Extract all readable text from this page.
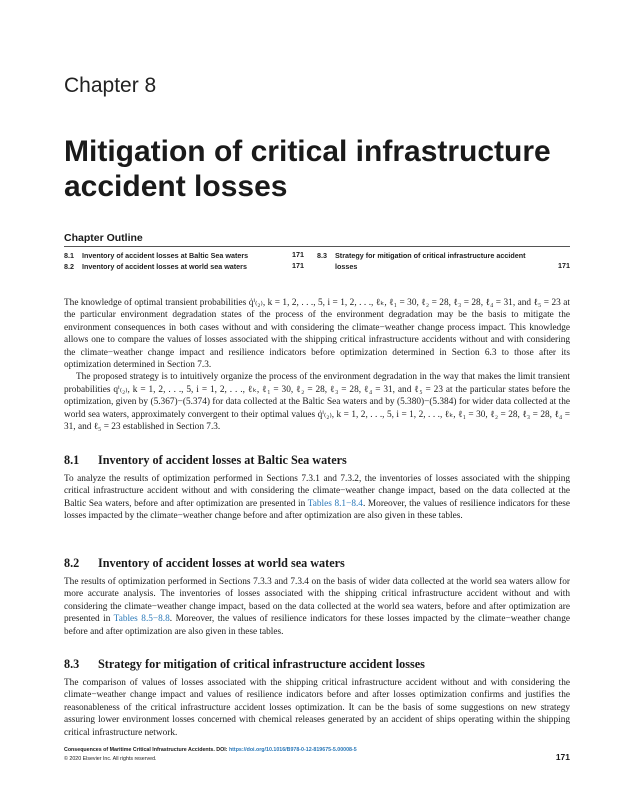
Chapter 8
Mitigation of critical infrastructure accident losses
Chapter Outline
8.1 Inventory of accident losses at Baltic Sea waters	171
8.2 Inventory of accident losses at world sea waters	171
8.3 Strategy for mitigation of critical infrastructure accident
losses	171

The knowledge of optimal transient probabilities q̇ⁱ₍₂₎, k = 1, 2, . . ., 5, i = 1, 2, . . ., ℓₖ, ℓ₁ = 30, ℓ₂ = 28, ℓ₃ = 28, ℓ₄ = 31, and ℓ₅ = 23 at the particular environment degradation states of the process of the environment degradation may be the basis to mitigate the environment consequences in both cases without and with considering the climate−weather change process impact. This knowledge allows one to compare the values of losses associated with the shipping critical infrastructure accidents without and with considering the climate−weather change impact and resilience indicators before optimization determined in Section 6.3 to those after its optimization determined in Section 7.3.

The proposed strategy is to intuitively organize the process of the environment degradation in the way that makes the limit transient probabilities qⁱ₍₂₎, k = 1, 2, . . ., 5, i = 1, 2, . . ., ℓₖ, ℓ₁ = 30, ℓ₂ = 28, ℓ₃ = 28, ℓ₄ = 31, and ℓ₅ = 23 at the particular states before the optimization, given by (5.367)−(5.374) for data collected at the Baltic Sea waters and by (5.380)−(5.384) for wider data collected at the world sea waters, approximately convergent to their optimal values q̇ⁱ₍₂₎, k = 1, 2, . . ., 5, i = 1, 2, . . ., ℓₖ, ℓ₁ = 30, ℓ₂ = 28, ℓ₃ = 28, ℓ₄ = 31, and ℓ₅ = 23 established in Section 7.3.

8.1 Inventory of accident losses at Baltic Sea waters

To analyze the results of optimization performed in Sections 7.3.1 and 7.3.2, the inventories of losses associated with the shipping critical infrastructure accident without and with considering the climate−weather change impact, based on the data collected at the Baltic Sea waters, before and after optimization are presented in Tables 8.1−8.4. Moreover, the values of resilience indicators for these losses impacted by the climate−weather change before and after optimization are also given in these tables.

8.2 Inventory of accident losses at world sea waters

The results of optimization performed in Sections 7.3.3 and 7.3.4 on the basis of wider data collected at the world sea waters allow for more accurate analysis. The inventories of losses associated with the shipping critical infrastructure accident without and with considering the climate−weather change impact, based on the data collected at the world sea waters, before and after optimization are presented in Tables 8.5−8.8. Moreover, the values of resilience indicators for these losses impacted by the climate−weather change before and after optimization are also given in these tables.

8.3 Strategy for mitigation of critical infrastructure accident losses

The comparison of values of losses associated with the shipping critical infrastructure accident without and with considering the climate−weather change impact and values of resilience indicators before and after losses optimization confirms and justifies the reasonableness of the critical infrastructure accident losses optimization. It can be the basis of some suggestions on new strategy assuring lower environment losses concerned with chemical releases generated by an accident of ships operating within the shipping critical infrastructure network.

Consequences of Maritime Critical Infrastructure Accidents. DOI: https://doi.org/10.1016/B978-0-12-819675-5.00008-5
© 2020 Elsevier Inc. All rights reserved.	171
